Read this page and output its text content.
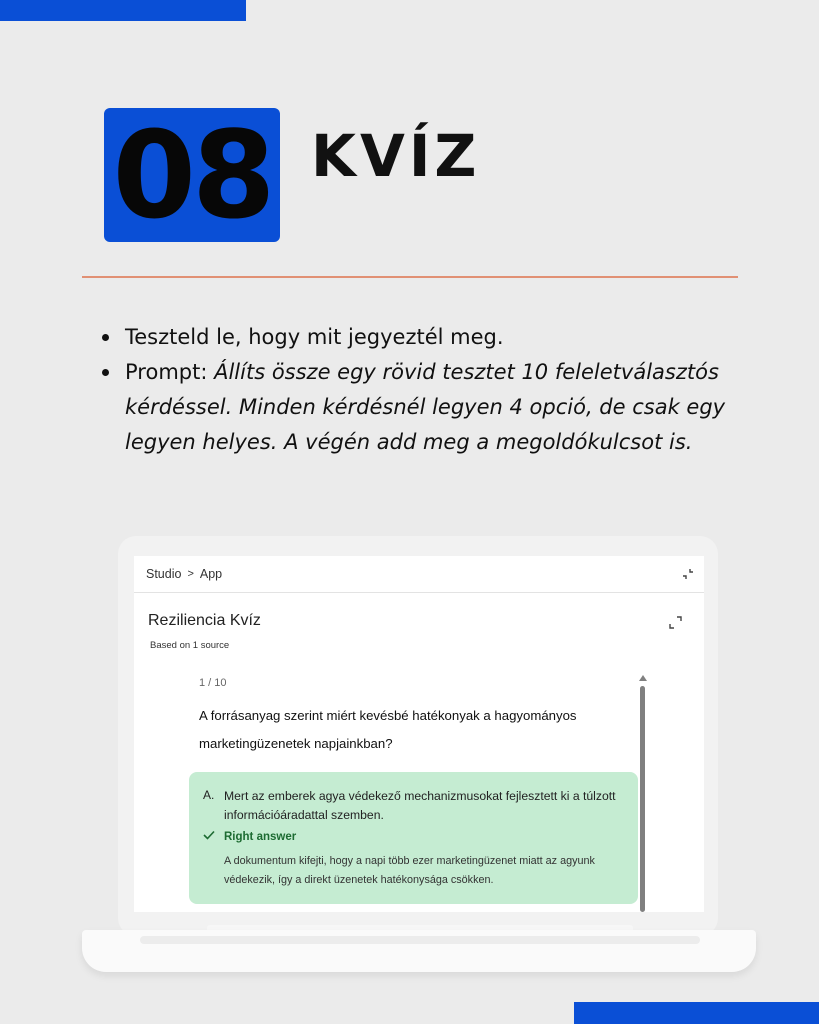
08 KVÍZ
Teszteld le, hogy mit jegyeztél meg.
Prompt: Állíts össze egy rövid tesztet 10 feleletválasztós kérdéssel. Minden kérdésnél legyen 4 opció, de csak egy legyen helyes. A végén add meg a megoldókulcsot is.
Studio > App
Reziliencia Kvíz
Based on 1 source
1 / 10
A forrásanyag szerint miért kevésbé hatékonyak a hagyományos marketingüzenetek napjainkban?
A. Mert az emberek agya védekező mechanizmusokat fejlesztett ki a túlzott információáradattal szemben.
Right answer
A dokumentum kifejti, hogy a napi több ezer marketingüzenet miatt az agyunk védekezik, így a direkt üzenetek hatékonysága csökken.
